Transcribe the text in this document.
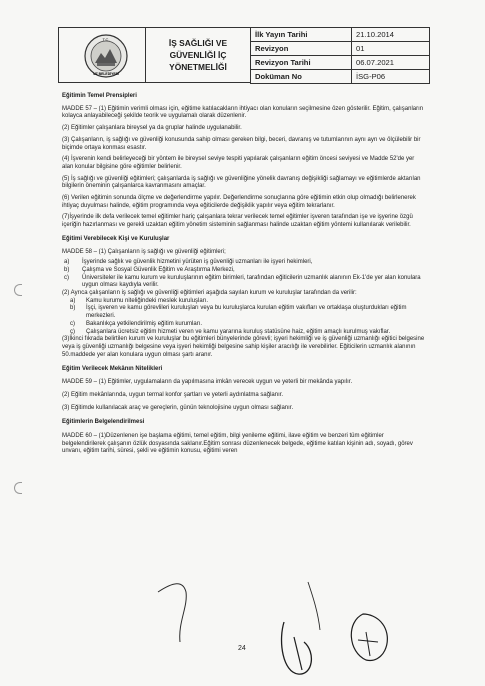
T.C.
UZ BELEDİYESİ
İŞ SAĞLIĞI VE GÜVENLİĞİ İÇ
YÖNETMELİĞİ
İlk Yayın Tarihi	21.10.2014
Revizyon	01
Revizyon Tarihi	06.07.2021
Doküman No	İSG-P06

Eğitimin Temel Prensipleri

MADDE 57 – (1) Eğitimin verimli olması için, eğitime katılacakların ihtiyacı olan konuların seçilmesine özen gösterilir. Eğitim, çalışanların kolayca anlayabileceği şekilde teorik ve uygulamalı olarak düzenlenir.

(2) Eğitimler çalışanlara bireysel ya da gruplar halinde uygulanabilir.

(3) Çalışanların, iş sağlığı ve güvenliği konusunda sahip olması gereken bilgi, beceri, davranış ve tutumlarının aynı ayrı ve ölçülebilir bir biçimde ortaya konması esastır.

(4) İşverenin kendi belirleyeceği bir yöntem ile bireysel seviye tespiti yapılarak çalışanların eğitim öncesi seviyesi ve Madde 52'de yer alan konular bilgisine göre eğitimler belirlenir.

(5) İş sağlığı ve güvenliği eğitimleri; çalışanlarda iş sağlığı ve güvenliğine yönelik davranış değişikliği sağlamayı ve eğitimlerde aktarılan bilgilerin öneminin çalışanlarca kavranmasını amaçlar.

(6) Verilen eğitimin sonunda ölçme ve değerlendirme yapılır. Değerlendirme sonuçlarına göre eğitimin etkin olup olmadığı belirlenerek ihtiyaç duyulması halinde, eğitim programında veya eğiticilerde değişiklik yapılır veya eğitim tekrarlanır.

(7)İşyerinde ilk defa verilecek temel eğitimler hariç çalışanlara tekrar verilecek temel eğitimler işveren tarafından işe ve işyerine özgü içeriğin hazırlanması ve gerekli uzaktan eğitim yönetim sisteminin sağlanması halinde uzaktan eğitim yöntemi kullanılarak verilebilir.

Eğitimi Verebilecek Kişi ve Kuruluşlar

MADDE 58 – (1) Çalışanların iş sağlığı ve güvenliği eğitimleri;

a) İşyerinde sağlık ve güvenlik hizmetini yürüten iş güvenliği uzmanları ile işyeri hekimleri,
b) Çalışma ve Sosyal Güvenlik Eğitim ve Araştırma Merkezi,
c) Üniversiteler ile kamu kurum ve kuruluşlarının eğitim birimleri, tarafından eğiticilerin uzmanlık alanının Ek-1'de yer alan konulara uygun olması kaydıyla verilir.

(2) Ayrıca çalışanların iş sağlığı ve güvenliği eğitimleri aşağıda sayılan kurum ve kuruluşlar tarafından da verilir:

a) Kamu kurumu niteliğindeki meslek kuruluşları.
b) İşçi, işveren ve kamu görevlileri kuruluşları veya bu kuruluşlarca kurulan eğitim vakıfları ve ortaklaşa oluşturdukları eğitim merkezleri.
c) Bakanlıkça yetkilendirilmiş eğitim kurumları.
ç) Çalışanlara ücretsiz eğitim hizmeti veren ve kamu yararına kuruluş statüsüne haiz, eğitim amaçlı kurulmuş vakıflar.

(3)İkinci fıkrada belirtilen kurum ve kuruluşlar bu eğitimleri bünyelerinde görevli; işyeri hekimliği ve iş güvenliği uzmanlığı eğitici belgesine veya iş güvenliği uzmanlığı belgesine veya işyeri hekimliği belgesine sahip kişiler aracılığı ile verebilirler. Eğiticilerin uzmanlık alanının 50.maddede yer alan konulara uygun olması şartı aranır.

Eğitim Verilecek Mekânın Nitelikleri

MADDE 59 – (1) Eğitimler, uygulamaların da yapılmasına imkân verecek uygun ve yeterli bir mekânda yapılır.

(2) Eğitim mekânlarında, uygun termal konfor şartları ve yeterli aydınlatma sağlanır.

(3) Eğitimde kullanılacak araç ve gereçlerin, günün teknolojisine uygun olması sağlanır.

Eğitimlerin Belgelendirilmesi

MADDE 60 – (1)Düzenlenen işe başlama eğitimi, temel eğitim, bilgi yenileme eğitimi, ilave eğitim ve benzeri tüm eğitimler belgelendirilerek çalışanın özlük dosyasında saklanır.Eğitim sonrası düzenlenecek belgede, eğitime katılan kişinin adı, soyadı, görev unvanı, eğitim tarihi, süresi, şekli ve eğitimin konusu, eğitimi veren

24
